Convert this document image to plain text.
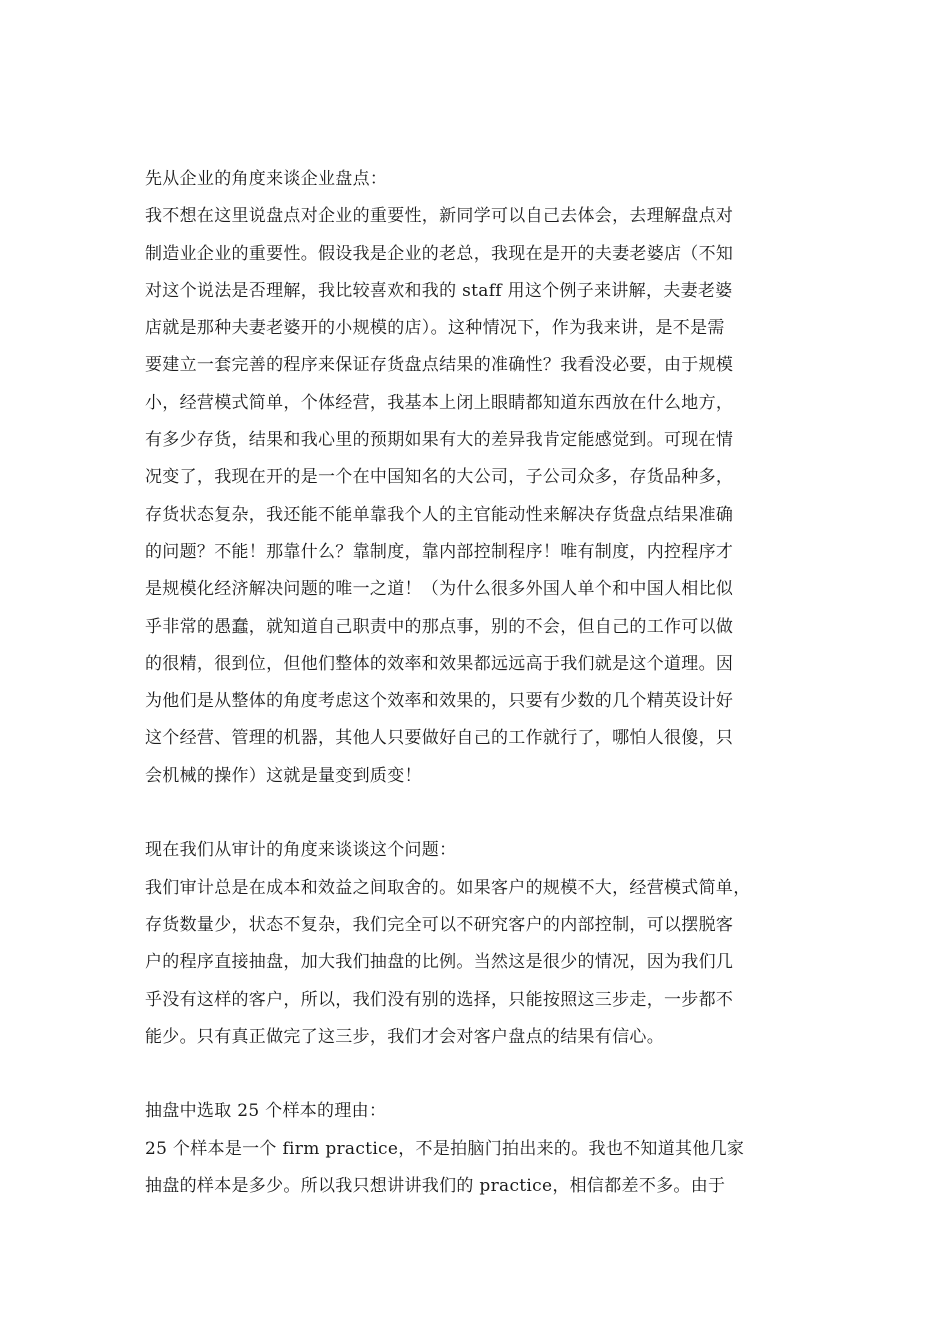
先从企业的角度来谈企业盘点：
我不想在这里说盘点对企业的重要性，新同学可以自己去体会，去理解盘点对
制造业企业的重要性。假设我是企业的老总，我现在是开的夫妻老婆店（不知
对这个说法是否理解，我比较喜欢和我的 staff 用这个例子来讲解，夫妻老婆
店就是那种夫妻老婆开的小规模的店）。这种情况下，作为我来讲，是不是需
要建立一套完善的程序来保证存货盘点结果的准确性？我看没必要，由于规模
小，经营模式简单，个体经营，我基本上闭上眼睛都知道东西放在什么地方，
有多少存货，结果和我心里的预期如果有大的差异我肯定能感觉到。可现在情
况变了，我现在开的是一个在中国知名的大公司，子公司众多，存货品种多，
存货状态复杂，我还能不能单靠我个人的主官能动性来解决存货盘点结果准确
的问题？不能！那靠什么？靠制度，靠内部控制程序！唯有制度，内控程序才
是规模化经济解决问题的唯一之道！（为什么很多外国人单个和中国人相比似
乎非常的愚蠢，就知道自己职责中的那点事，别的不会，但自己的工作可以做
的很精，很到位，但他们整体的效率和效果都远远高于我们就是这个道理。因
为他们是从整体的角度考虑这个效率和效果的，只要有少数的几个精英设计好
这个经营、管理的机器，其他人只要做好自己的工作就行了，哪怕人很傻，只
会机械的操作）这就是量变到质变！
现在我们从审计的角度来谈谈这个问题：
我们审计总是在成本和效益之间取舍的。如果客户的规模不大，经营模式简单，
存货数量少，状态不复杂，我们完全可以不研究客户的内部控制，可以摆脱客
户的程序直接抽盘，加大我们抽盘的比例。当然这是很少的情况，因为我们几
乎没有这样的客户，所以，我们没有别的选择，只能按照这三步走，一步都不
能少。只有真正做完了这三步，我们才会对客户盘点的结果有信心。
抽盘中选取 25 个样本的理由：
25 个样本是一个 firm practice，不是拍脑门拍出来的。我也不知道其他几家
抽盘的样本是多少。所以我只想讲讲我们的 practice，相信都差不多。由于
